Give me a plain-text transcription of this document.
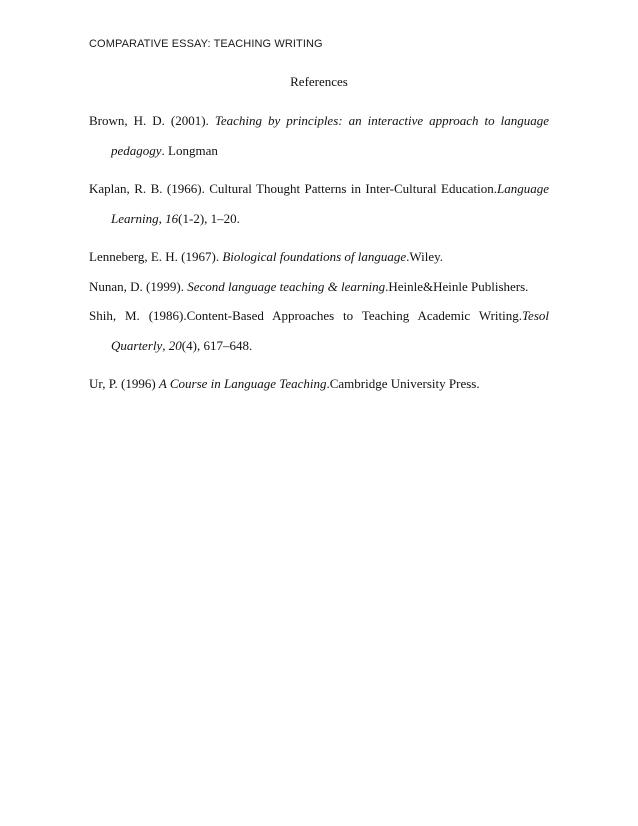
COMPARATIVE ESSAY: TEACHING WRITING
References
Brown, H. D. (2001). Teaching by principles: an interactive approach to language
pedagogy. Longman
Kaplan, R. B. (1966). Cultural Thought Patterns in Inter-Cultural Education.Language
Learning, 16(1-2), 1–20.
Lenneberg, E. H. (1967). Biological foundations of language.Wiley.
Nunan, D. (1999). Second language teaching & learning.Heinle&Heinle Publishers.
Shih, M. (1986).Content-Based Approaches to Teaching Academic Writing.Tesol
Quarterly, 20(4), 617–648.
Ur, P. (1996) A Course in Language Teaching.Cambridge University Press.
